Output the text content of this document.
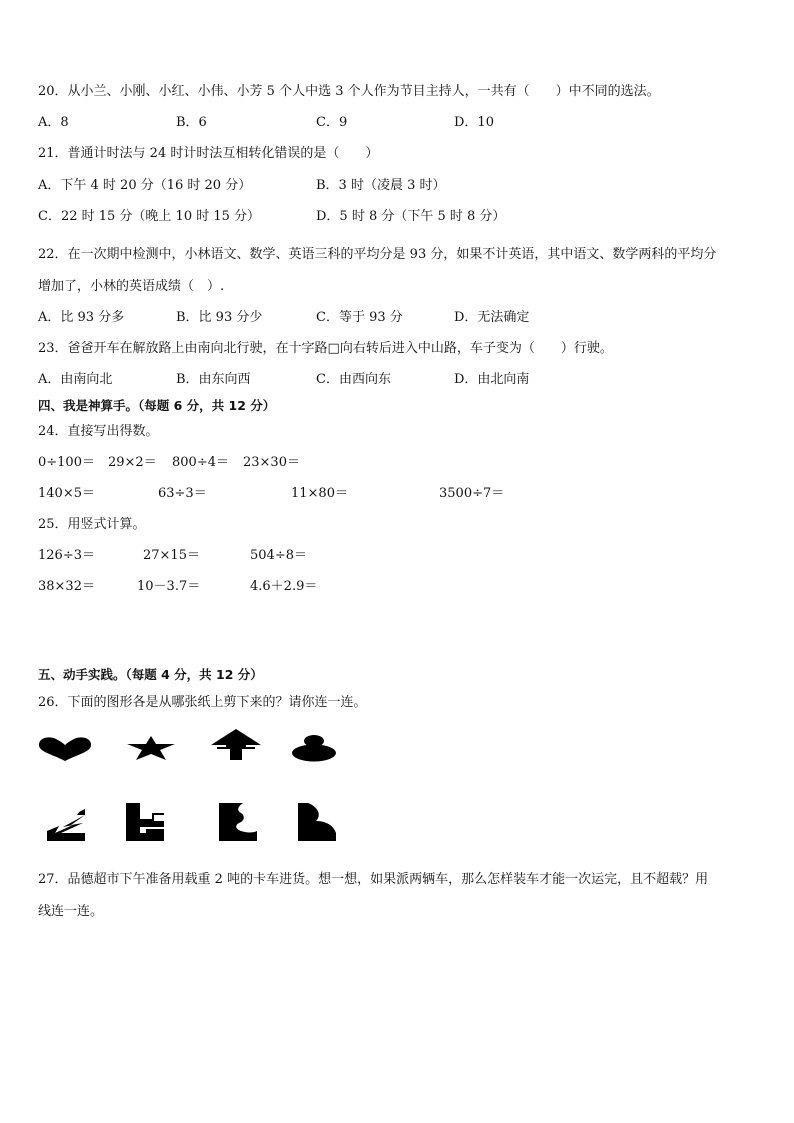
20．从小兰、小刚、小红、小伟、小芳 5 个人中选 3 个人作为节目主持人，一共有（　　）中不同的选法。
A．8	B．6	C．9	D．10
21．普通计时法与 24 时计时法互相转化错误的是（　　）
A．下午 4 时 20 分（16 时 20 分）	B．3 时（凌晨 3 时）
C．22 时 15 分（晚上 10 时 15 分）	D．5 时 8 分（下午 5 时 8 分）
22．在一次期中检测中，小林语文、数学、英语三科的平均分是 93 分，如果不计英语，其中语文、数学两科的平均分
增加了，小林的英语成绩（　）.
A．比 93 分多	B．比 93 分少	C．等于 93 分	D．无法确定
23．爸爸开车在解放路上由南向北行驶，在十字路□向右转后进入中山路，车子变为（　　）行驶。
A．由南向北	B．由东向西	C．由西向东	D．由北向南
四、我是神算手。（每题 6 分，共 12 分）
24．直接写出得数。
0÷100＝ 29×2＝ 800÷4＝ 23×30＝
140×5＝	63÷3＝	11×80＝	3500÷7＝
25．用竖式计算。
126÷3＝	27×15＝	504÷8＝
38×32＝	10－3.7＝	4.6＋2.9＝
五、动手实践。（每题 4 分，共 12 分）
26．下面的图形各是从哪张纸上剪下来的？请你连一连。
27．品德超市下午准备用载重 2 吨的卡车进货。想一想，如果派两辆车，那么怎样装车才能一次运完，且不超载？用
线连一连。
